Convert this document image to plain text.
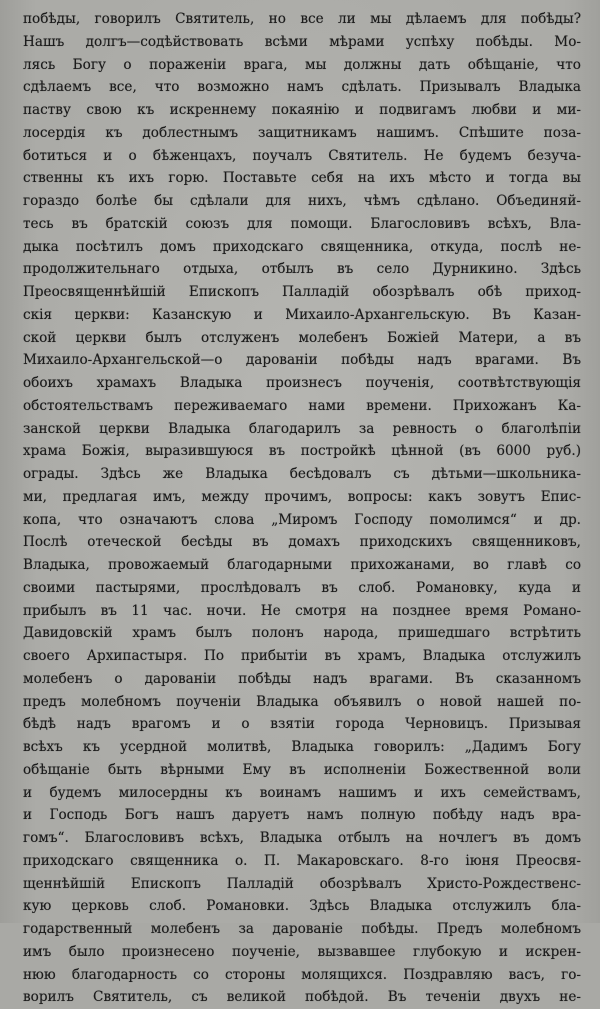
побѣды, говорилъ Святитель, но все ли мы дѣлаемъ для побѣды?
Нашъ долгъ—содѣйствовать всѣми мѣрами успѣху побѣды. Мо-
лясь Богу о пораженіи врага, мы должны дать обѣщаніе, что
сдѣлаемъ все, что возможно намъ сдѣлать. Призывалъ Владыка
паству свою къ искреннему покаянію и подвигамъ любви и ми-
лосердія къ доблестнымъ защитникамъ нашимъ. Спѣшите поза-
ботиться и о бѣженцахъ, поучалъ Святитель. Не будемъ безучa-
ственны къ ихъ горю. Поставьте себя на ихъ мѣсто и тогда вы
гораздо болѣе бы сдѣлали для нихъ, чѣмъ сдѣлано. Объединяй-
тесь въ братскій союзъ для помощи. Благословивъ всѣхъ, Вла-
дыка посѣтилъ домъ приходскаго священника, откуда, послѣ не-
продолжительнаго отдыха, отбылъ въ село Дурникино. Здѣсь
Преосвященнѣйшій Епископъ Палладій обозрѣвалъ обѣ приход-
скія церкви: Казанскую и Михаило-Архангельскую. Въ Казан-
ской церкви былъ отслуженъ молебенъ Божіей Матери, а въ
Михаило-Архангельской—о дарованіи побѣды надъ врагами. Въ
обоихъ храмахъ Владыка произнесъ поученія, соотвѣтствующія
обстоятельствамъ переживаемаго нами времени. Прихожанъ Ка-
занской церкви Владыка благодарилъ за ревность о благолѣпіи
храма Божія, выразившуюся въ постройкѣ цѣнной (въ 6000 руб.)
ограды. Здѣсь же Владыка бесѣдовалъ съ дѣтьми—школьника-
ми, предлагая имъ, между прочимъ, вопросы: какъ зовутъ Епис-
копа, что означаютъ слова „Миромъ Господу помолимся“ и др.
Послѣ отеческой бесѣды въ домахъ приходскихъ священниковъ,
Владыка, провожаемый благодарными прихожанами, во главѣ со
своими пастырями, прослѣдовалъ въ слоб. Романовку, куда и
прибылъ въ 11 час. ночи. Не смотря на позднее время Романо-
Давидовскій храмъ былъ полонъ народа, пришедшаго встрѣтить
своего Архипастыря. По прибытіи въ храмъ, Владыка отслужилъ
молебенъ о дарованіи побѣды надъ врагами. Въ сказанномъ
предъ молебномъ поученіи Владыка объявилъ о новой нашей по-
бѣдѣ надъ врагомъ и о взятіи города Черновицъ. Призывая
всѣхъ къ усердной молитвѣ, Владыка говорилъ: „Дадимъ Богу
обѣщаніе быть вѣрными Ему въ исполненіи Божественной воли
и будемъ милосердны къ воинамъ нашимъ и ихъ семействамъ,
и Господь Богъ нашъ даруетъ намъ полную побѣду надъ вра-
гомъ“. Благословивъ всѣхъ, Владыка отбылъ на ночлегъ въ домъ
приходскаго священника о. П. Макаровскаго. 8-го іюня Преосвя-
щеннѣйшій Епископъ Палладій обозрѣвалъ Христо-Рождественс-
кую церковь слоб. Романовки. Здѣсь Владыка отслужилъ бла-
годарственный молебенъ за дарованіе побѣды. Предъ молебномъ
имъ было произнесено поученіе, вызвавшее глубокую и искрен-
нюю благодарность со стороны молящихся. Поздравляю васъ, го-
ворилъ Святитель, съ великой побѣдой. Въ теченіи двухъ не-
